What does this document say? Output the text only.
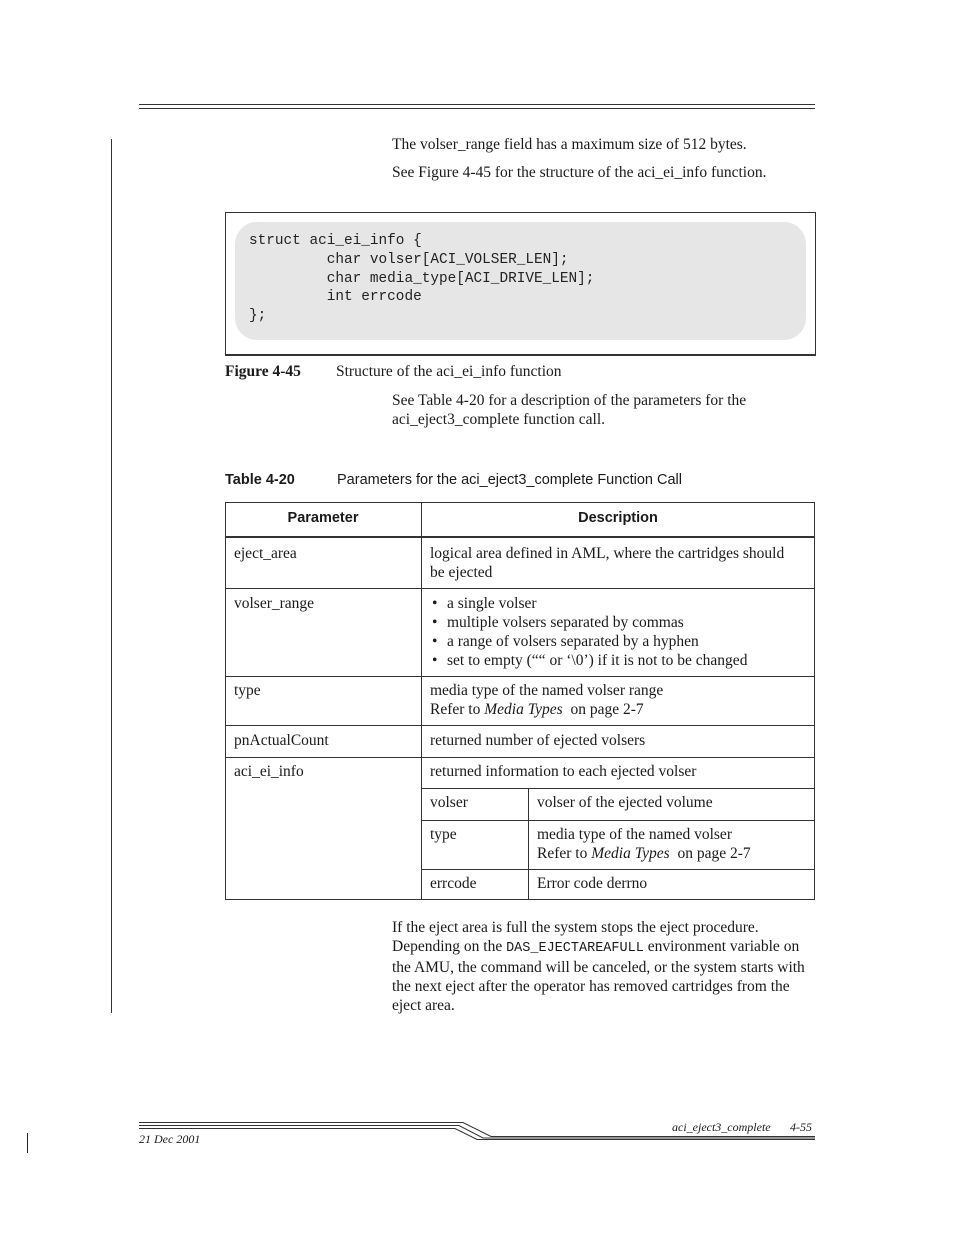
The volser_range field has a maximum size of 512 bytes.
See Figure 4-45 for the structure of the aci_ei_info function.
struct aci_ei_info {
char volser[ACI_VOLSER_LEN];
char media_type[ACI_DRIVE_LEN];
int errcode
};
Figure 4-45 Structure of the aci_ei_info function
See Table 4-20 for a description of the parameters for the aci_eject3_complete function call.
Table 4-20	Parameters for the aci_eject3_complete Function Call
Parameter	Description
eject_area	logical area defined in AML, where the cartridges should be ejected
volser_range
•	a single volser
• multiple volsers separated by commas
• a range of volsers separated by a hyphen
• set to empty (““ or ‘\0’) if it is not to be changed
type	media type of the named volser range
Refer to Media Types  on page 2-7
pnActualCount	returned number of ejected volsers
aci_ei_info	returned information to each ejected volser
volser	volser of the ejected volume
type	media type of the named volser
Refer to Media Types  on page 2-7
errcode	Error code derrno
If the eject area is full the system stops the eject procedure. Depending on the DAS_EJECTAREAFULL environment variable on the AMU, the command will be canceled, or the system starts with the next eject after the operator has removed cartridges from the eject area.
aci_eject3_complete 4-55
21 Dec 2001
